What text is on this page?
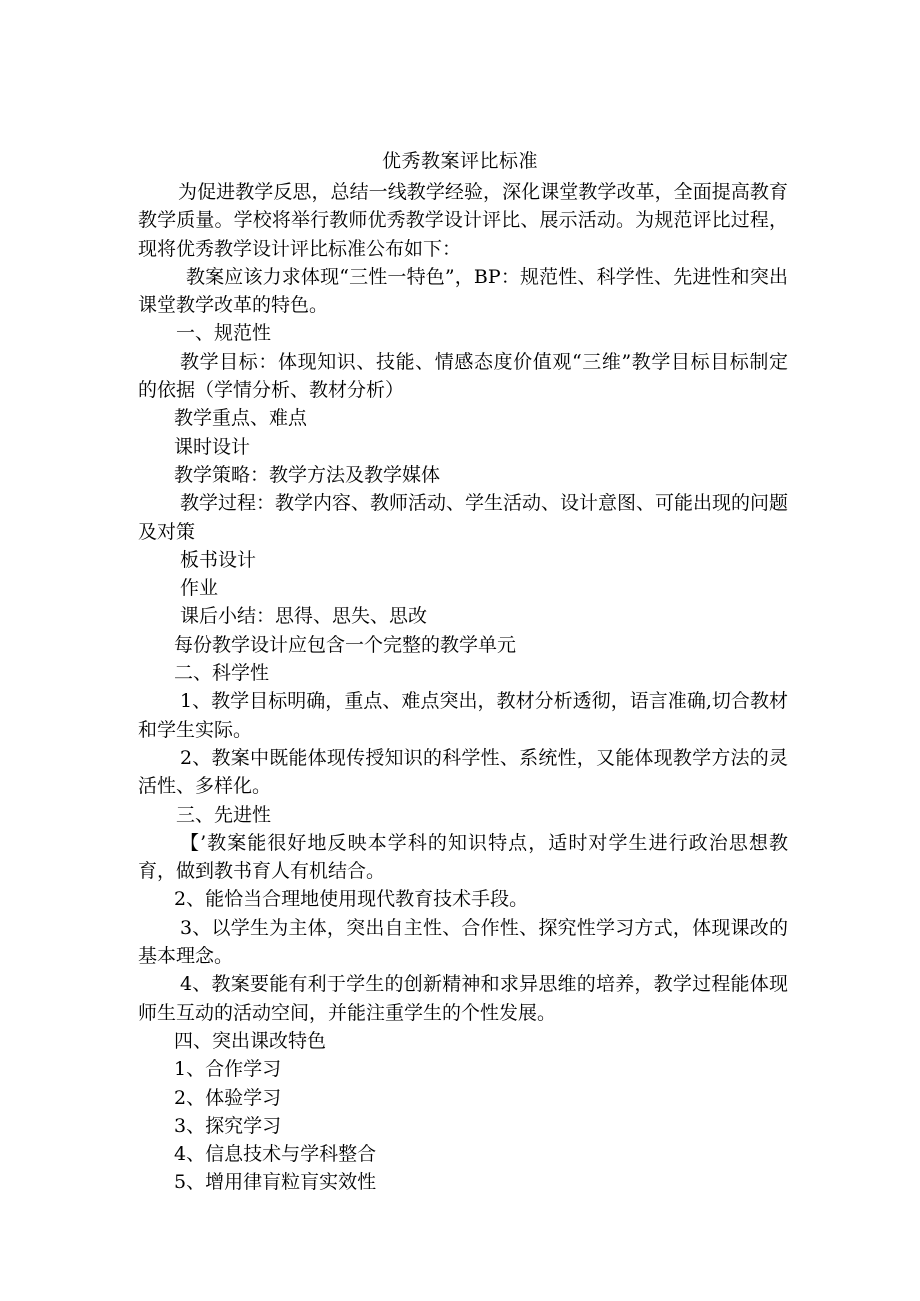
优秀教案评比标准

为促进教学反思，总结一线教学经验，深化课堂教学改革，全面提高教育教学质量。学校将举行教师优秀教学设计评比、展示活动。为规范评比过程，现将优秀教学设计评比标准公布如下：

教案应该力求体现“三性一特色”，BP：规范性、科学性、先进性和突出课堂教学改革的特色。

一、规范性

教学目标：体现知识、技能、情感态度价值观“三维”教学目标目标制定的依据（学情分析、教材分析）

教学重点、难点

课时设计

教学策略：教学方法及教学媒体

教学过程：教学内容、教师活动、学生活动、设计意图、可能出现的问题及对策

板书设计

作业

课后小结：思得、思失、思改

每份教学设计应包含一个完整的教学单元

二、科学性

1、教学目标明确，重点、难点突出，教材分析透彻，语言准确,切合教材和学生实际。

2、教案中既能体现传授知识的科学性、系统性，又能体现教学方法的灵活性、多样化。

三、先进性

【’教案能很好地反映本学科的知识特点，适时对学生进行政治思想教育，做到教书育人有机结合。

2、能恰当合理地使用现代教育技术手段。

3、以学生为主体，突出自主性、合作性、探究性学习方式，体现课改的基本理念。

4、教案要能有利于学生的创新精神和求异思维的培养，教学过程能体现师生互动的活动空间，并能注重学生的个性发展。

四、突出课改特色

1、合作学习

2、体验学习

3、探究学习

4、信息技术与学科整合

5、增用律肓粒肓实效性
